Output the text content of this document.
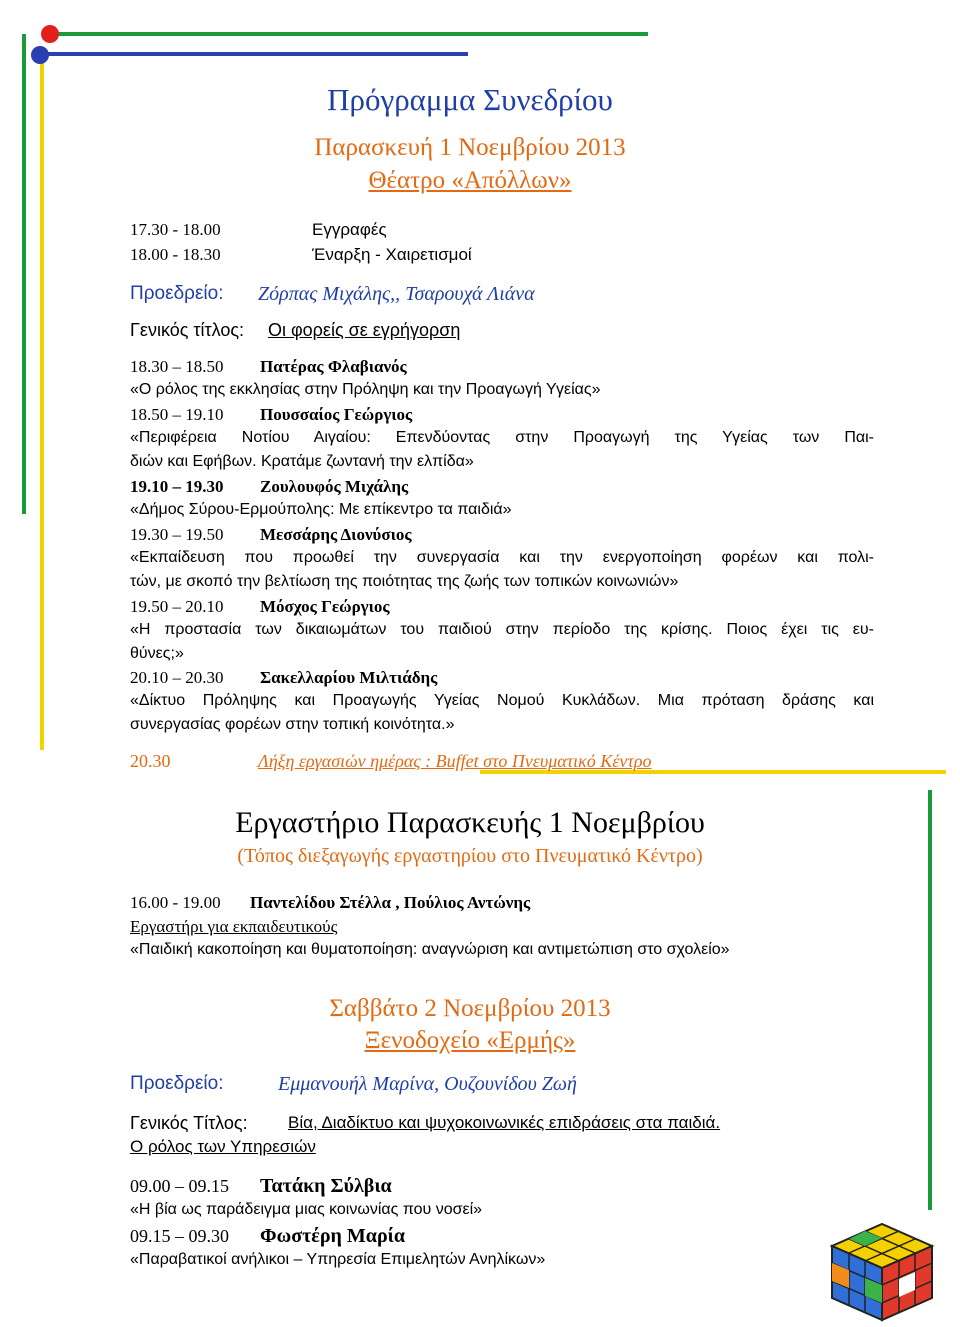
Πρόγραμμα Συνεδρίου
Παρασκευή 1 Νοεμβρίου 2013
Θέατρο «Απόλλων»
17.30 - 18.00	Εγγραφές
18.00 - 18.30	Έναρξη - Χαιρετισμοί
Προεδρείο: Ζόρπας Μιχάλης,, Τσαρουχά Λιάνα
Γενικός τίτλος: Οι φορείς σε εγρήγορση
18.30 – 18.50 Πατέρας Φλαβιανός
«Ο ρόλος της εκκλησίας στην Πρόληψη και την Προαγωγή Υγείας»
18.50 – 19.10 Πουσσαίος Γεώργιος
«Περιφέρεια Νοτίου Αιγαίου: Επενδύοντας στην Προαγωγή της Υγείας των Παι-
διών και Εφήβων. Κρατάμε ζωντανή την ελπίδα»
19.10 – 19.30 Ζουλουφός Μιχάλης
«Δήμος Σύρου-Ερμούπολης: Με επίκεντρο τα παιδιά»
19.30 – 19.50 Μεσσάρης Διονύσιος
«Εκπαίδευση που προωθεί την συνεργασία και την ενεργοποίηση φορέων και πολι-
τών, με σκοπό την βελτίωση της ποιότητας της ζωής των τοπικών κοινωνιών»
19.50 – 20.10 Μόσχος Γεώργιος
«Η προστασία των δικαιωμάτων του παιδιού στην περίοδο της κρίσης. Ποιος έχει τις ευ-
θύνες;»
20.10 – 20.30 Σακελλαρίου Μιλτιάδης
«Δίκτυο Πρόληψης και Προαγωγής Υγείας Νομού Κυκλάδων. Μια πρόταση δράσης και
συνεργασίας φορέων στην τοπική κοινότητα.»
20.30	Λήξη εργασιών ημέρας : Buffet στο Πνευματικό Κέντρο
Εργαστήριο Παρασκευής 1 Νοεμβρίου
(Τόπος διεξαγωγής εργαστηρίου στο Πνευματικό Κέντρο)
16.00 - 19.00 Παντελίδου Στέλλα , Πούλιος Αντώνης
Εργαστήρι για εκπαιδευτικούς
«Παιδική κακοποίηση και θυματοποίηση: αναγνώριση και αντιμετώπιση στο σχολείο»
Σαββάτο 2 Νοεμβρίου 2013
Ξενοδοχείο «Ερμής»
Προεδρείο:	Εμμανουήλ Μαρίνα, Ουζουνίδου Ζωή
Γενικός Τίτλος: Βία, Διαδίκτυο και ψυχοκοινωνικές επιδράσεις στα παιδιά.
Ο ρόλος των Υπηρεσιών
09.00 – 09.15 Τατάκη Σύλβια
«Η βία ως παράδειγμα μιας κοινωνίας που νοσεί»
09.15 – 09.30 Φωστέρη Μαρία
«Παραβατικοί ανήλικοι – Υπηρεσία Επιμελητών Ανηλίκων»
